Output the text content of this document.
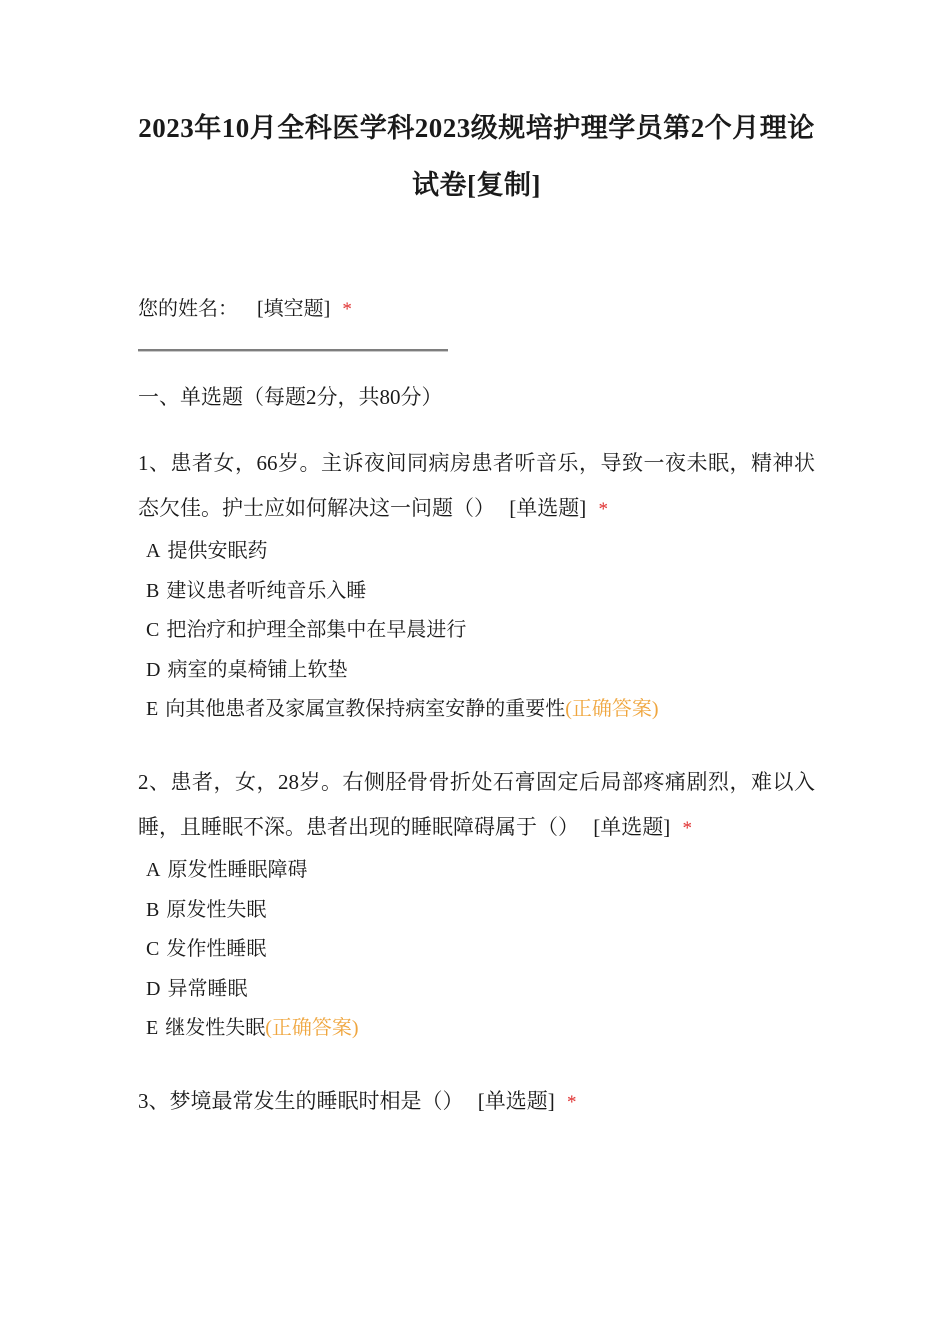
2023年10月全科医学科2023级规培护理学员第2个月理论试卷[复制]
您的姓名： [填空题] *
一、单选题（每题2分，共80分）

1、患者女，66岁。主诉夜间同病房患者听音乐，导致一夜未眠，精神状态欠佳。护士应如何解决这一问题（） [单选题] *

A 提供安眠药
B 建议患者听纯音乐入睡
C 把治疗和护理全部集中在早晨进行
D 病室的桌椅铺上软垫
E 向其他患者及家属宣教保持病室安静的重要性(正确答案)

2、患者，女，28岁。右侧胫骨骨折处石膏固定后局部疼痛剧烈，难以入睡，且睡眠不深。患者出现的睡眠障碍属于（） [单选题] *

A 原发性睡眠障碍
B 原发性失眠
C 发作性睡眠
D 异常睡眠
E 继发性失眠(正确答案)

3、梦境最常发生的睡眠时相是（） [单选题] *
